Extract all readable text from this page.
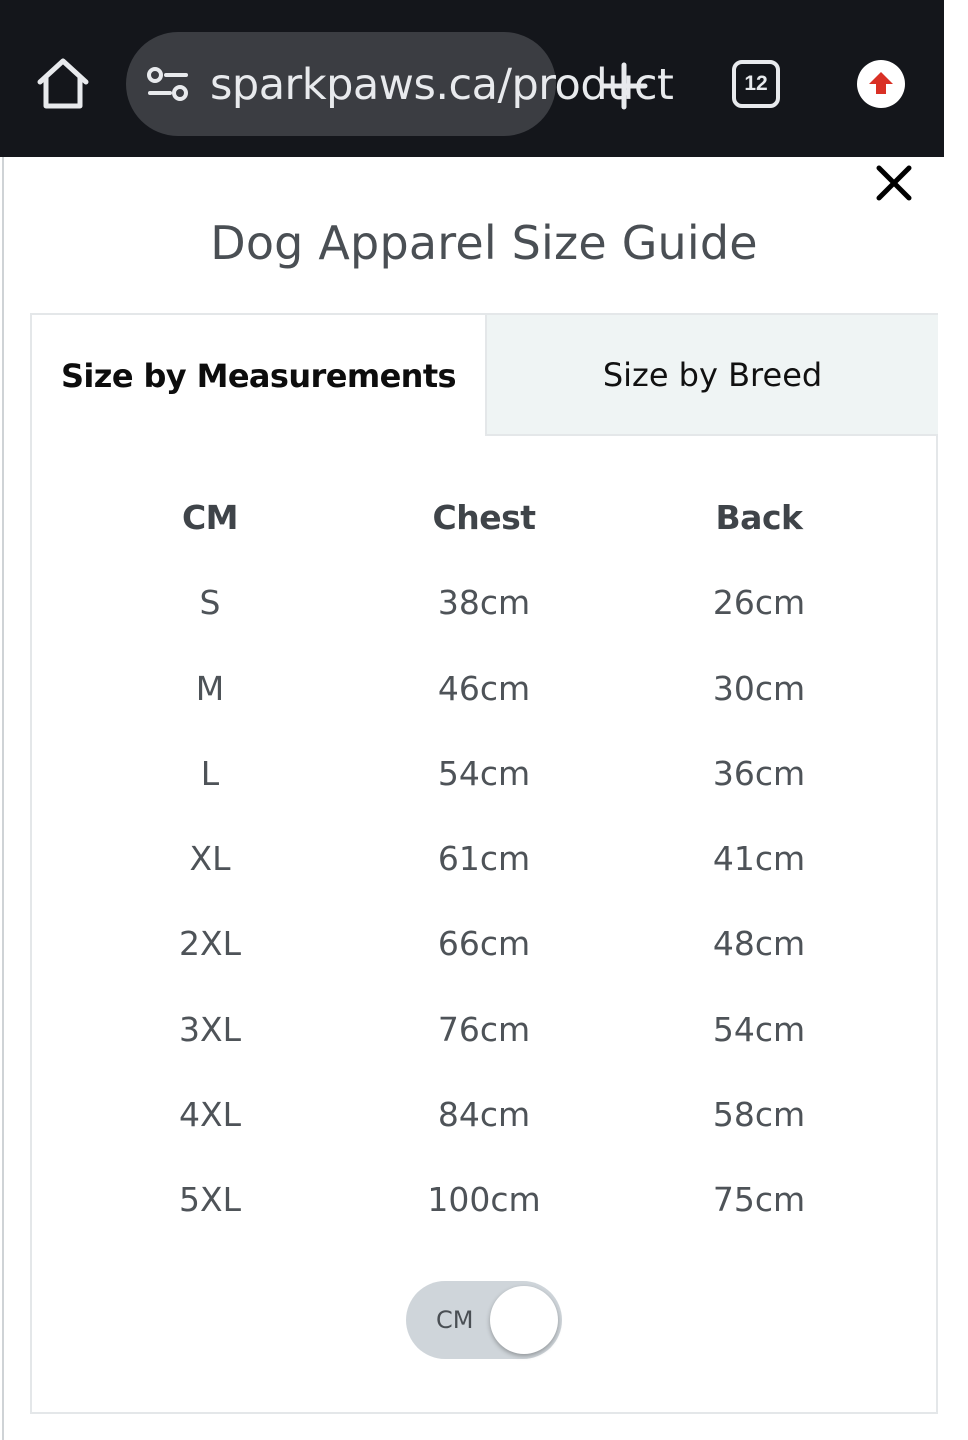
sparkpaws.ca/product	12
Dog Apparel Size Guide
Size by Measurements	Size by Breed
CM	Chest	Back
S	38cm	26cm
M	46cm	30cm
L	54cm	36cm
XL	61cm	41cm
2XL	66cm	48cm
3XL	76cm	54cm
4XL	84cm	58cm
5XL	100cm	75cm
CM
